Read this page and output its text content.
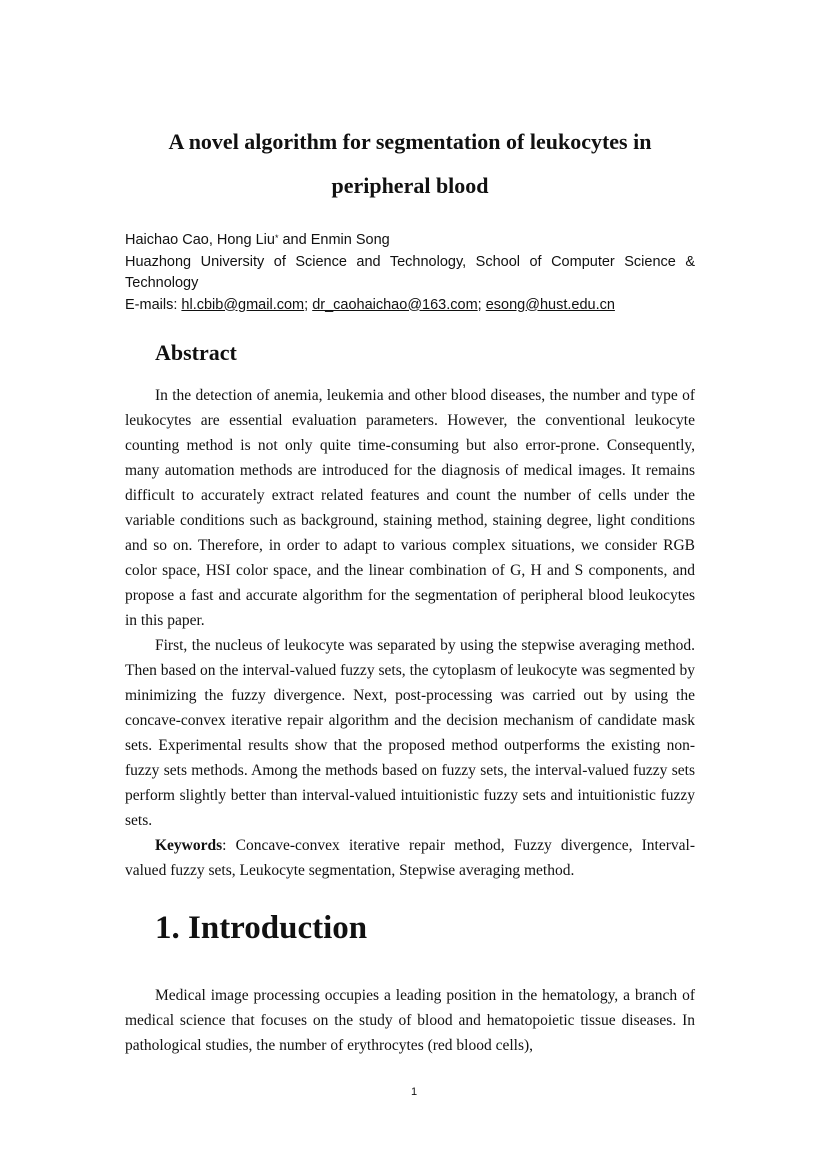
A novel algorithm for segmentation of leukocytes in
peripheral blood

Haichao Cao, Hong Liu* and Enmin Song

Huazhong University of Science and Technology, School of Computer Science & Technology

E-mails: hl.cbib@gmail.com; dr_caohaichao@163.com; esong@hust.edu.cn

Abstract

In the detection of anemia, leukemia and other blood diseases, the number and type of leukocytes are essential evaluation parameters. However, the conventional leukocyte counting method is not only quite time-consuming but also error-prone. Consequently, many automation methods are introduced for the diagnosis of medical images. It remains difficult to accurately extract related features and count the number of cells under the variable conditions such as background, staining method, staining degree, light conditions and so on. Therefore, in order to adapt to various complex situations, we consider RGB color space, HSI color space, and the linear combination of G, H and S components, and propose a fast and accurate algorithm for the segmentation of peripheral blood leukocytes in this paper.

First, the nucleus of leukocyte was separated by using the stepwise averaging method. Then based on the interval-valued fuzzy sets, the cytoplasm of leukocyte was segmented by minimizing the fuzzy divergence. Next, post-processing was carried out by using the concave-convex iterative repair algorithm and the decision mechanism of candidate mask sets. Experimental results show that the proposed method outperforms the existing non-fuzzy sets methods. Among the methods based on fuzzy sets, the interval-valued fuzzy sets perform slightly better than interval-valued intuitionistic fuzzy sets and intuitionistic fuzzy sets.

Keywords: Concave-convex iterative repair method, Fuzzy divergence, Interval-valued fuzzy sets, Leukocyte segmentation, Stepwise averaging method.

1. Introduction

Medical image processing occupies a leading position in the hematology, a branch of medical science that focuses on the study of blood and hematopoietic tissue diseases. In pathological studies, the number of erythrocytes (red blood cells),

1
